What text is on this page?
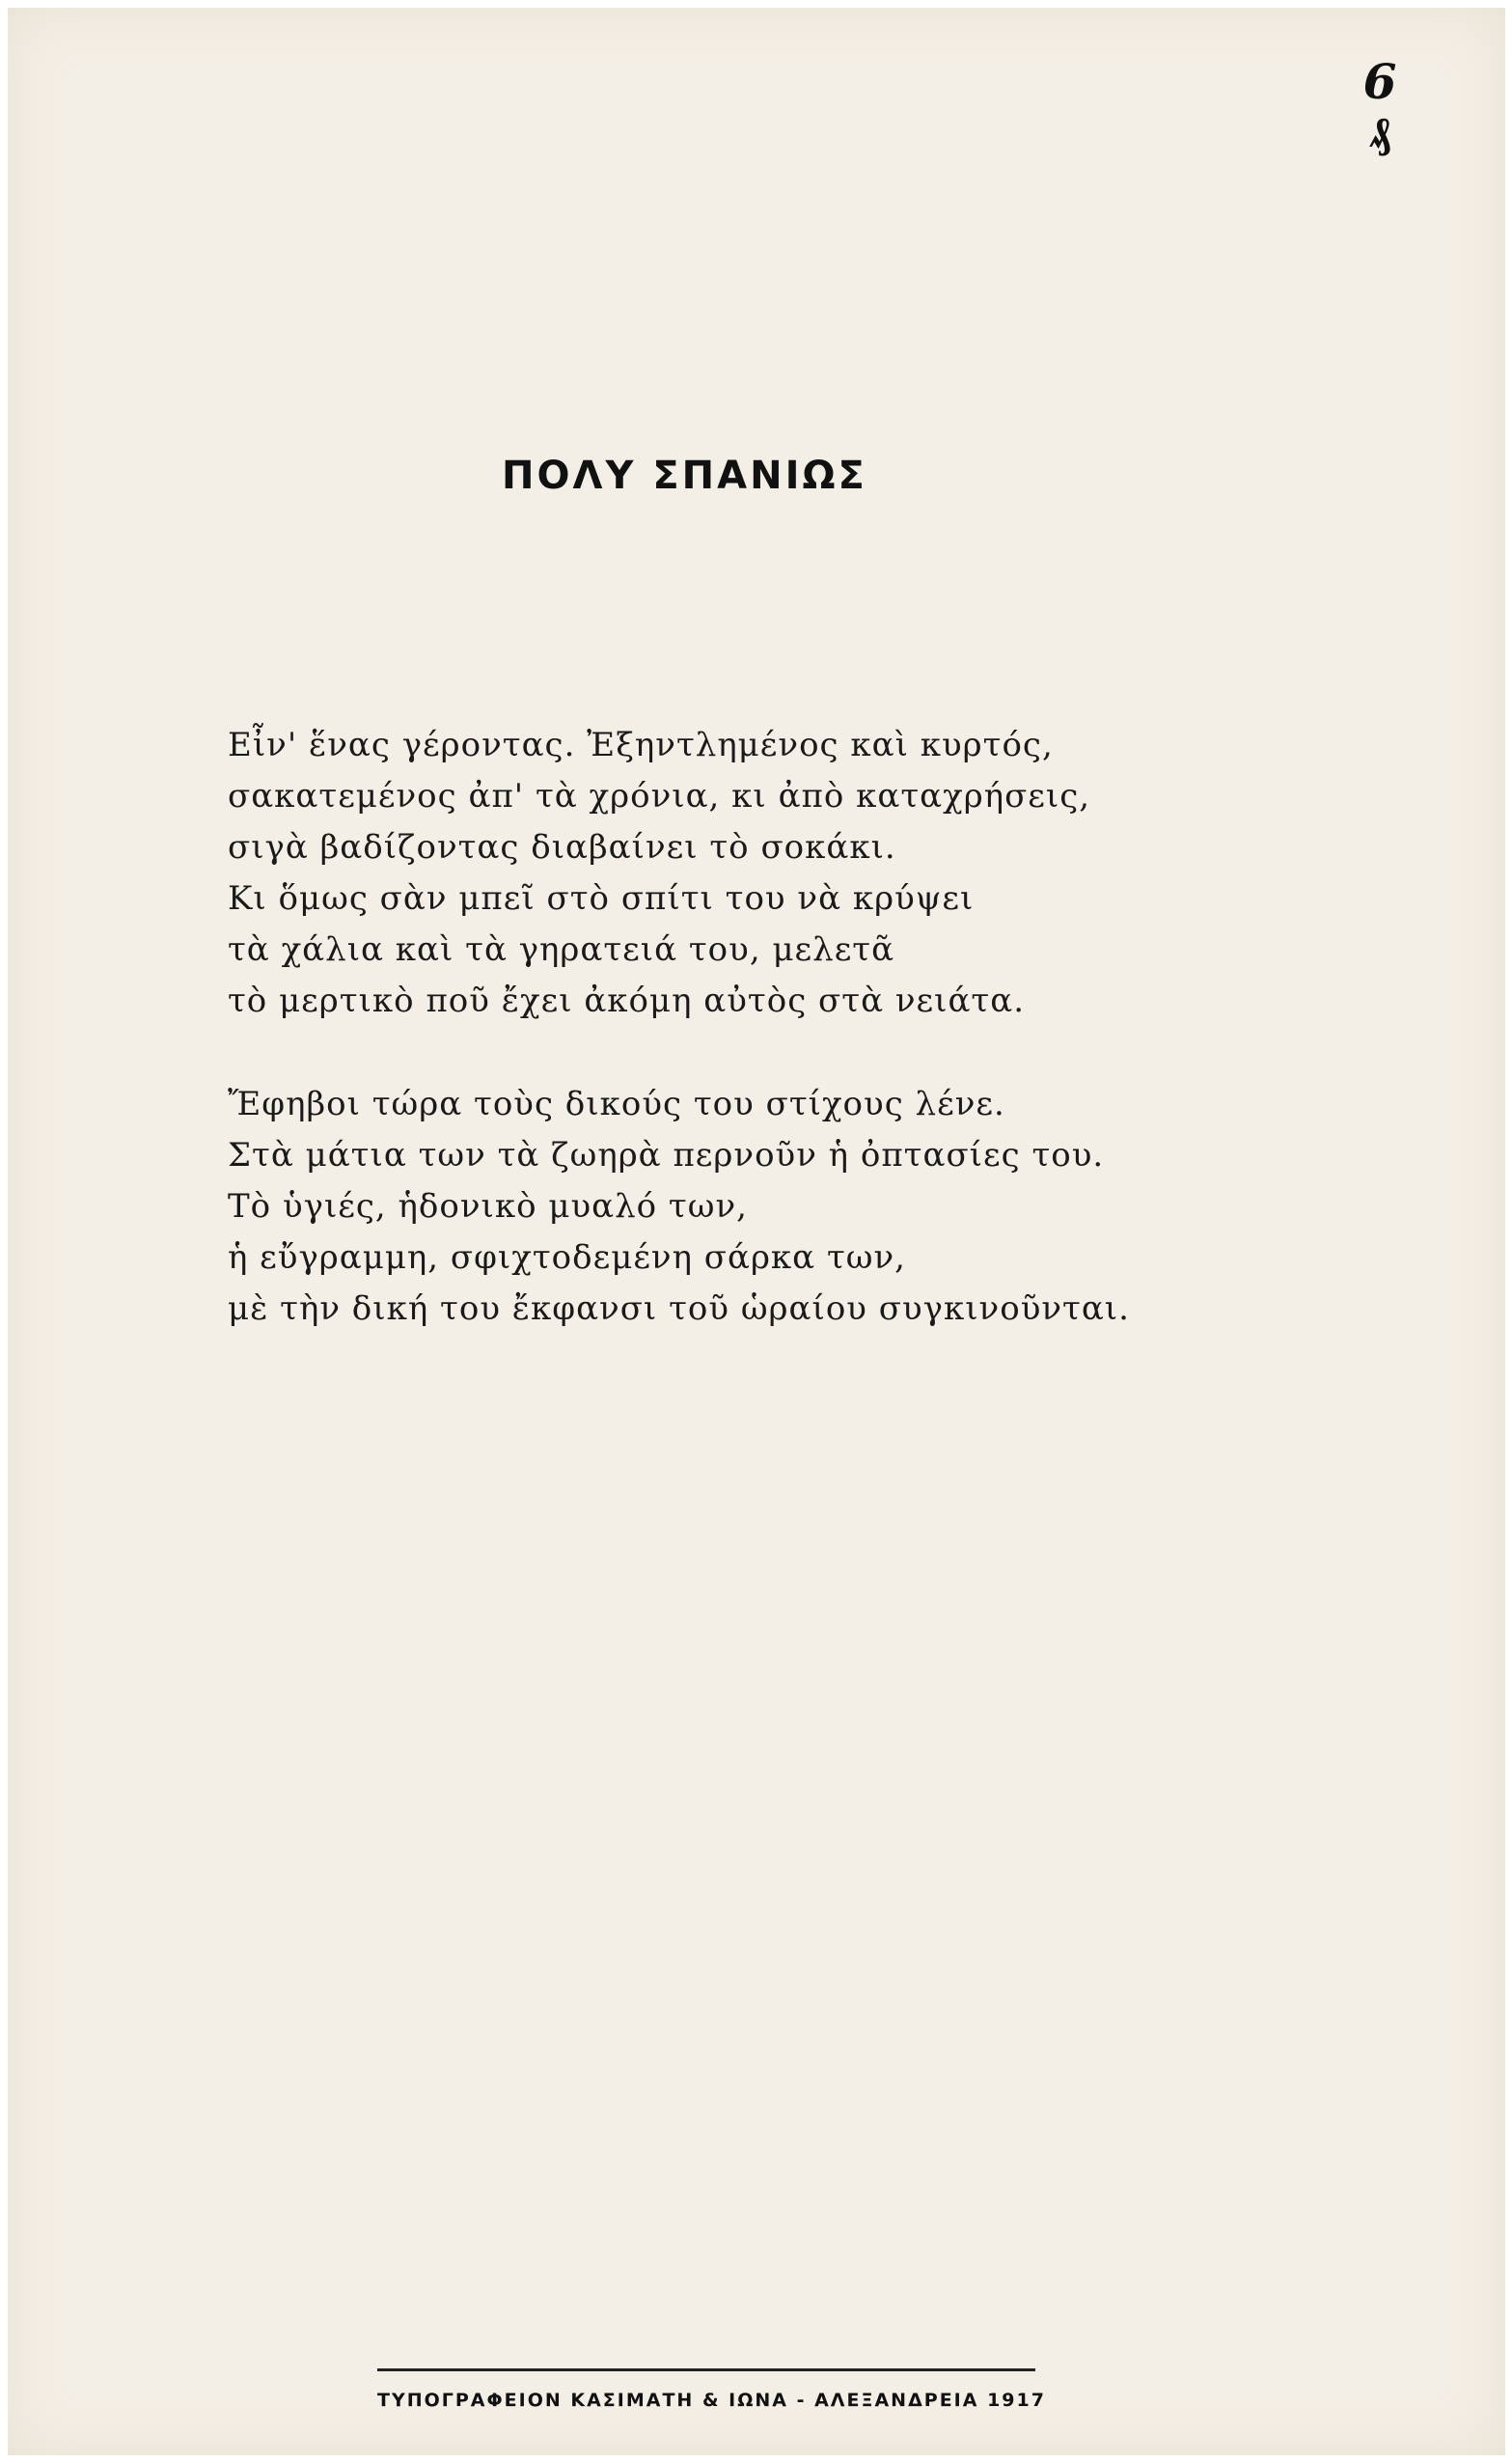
6
₰
ΠΟΛΥ ΣΠΑΝΙΩΣ
Εἶν' ἕνας γέροντας. Ἐξηντλημένος καὶ κυρτός,
σακατεμένος ἀπ' τὰ χρόνια, κι ἀπὸ καταχρήσεις,
σιγὰ βαδίζοντας διαβαίνει τὸ σοκάκι.
Κι ὅμως σὰν μπεῖ στὸ σπίτι του νὰ κρύψει
τὰ χάλια καὶ τὰ γηρατειά του, μελετᾶ
τὸ μερτικὸ ποῦ ἔχει ἀκόμη αὐτὸς στὰ νειάτα.
Ἔφηβοι τώρα τοὺς δικούς του στίχους λένε.
Στὰ μάτια των τὰ ζωηρὰ περνοῦν ἡ ὀπτασίες του.
Τὸ ὑγιές, ἡδονικὸ μυαλό των,
ἡ εὔγραμμη, σφιχτοδεμένη σάρκα των,
μὲ τὴν δική του ἔκφανσι τοῦ ὡραίου συγκινοῦνται.
ΤΥΠΟΓΡΑΦΕΙΟΝ ΚΑΣΙΜΑΤΗ & ΙΩΝΑ - ΑΛΕΞΑΝΔΡΕΙΑ 1917
